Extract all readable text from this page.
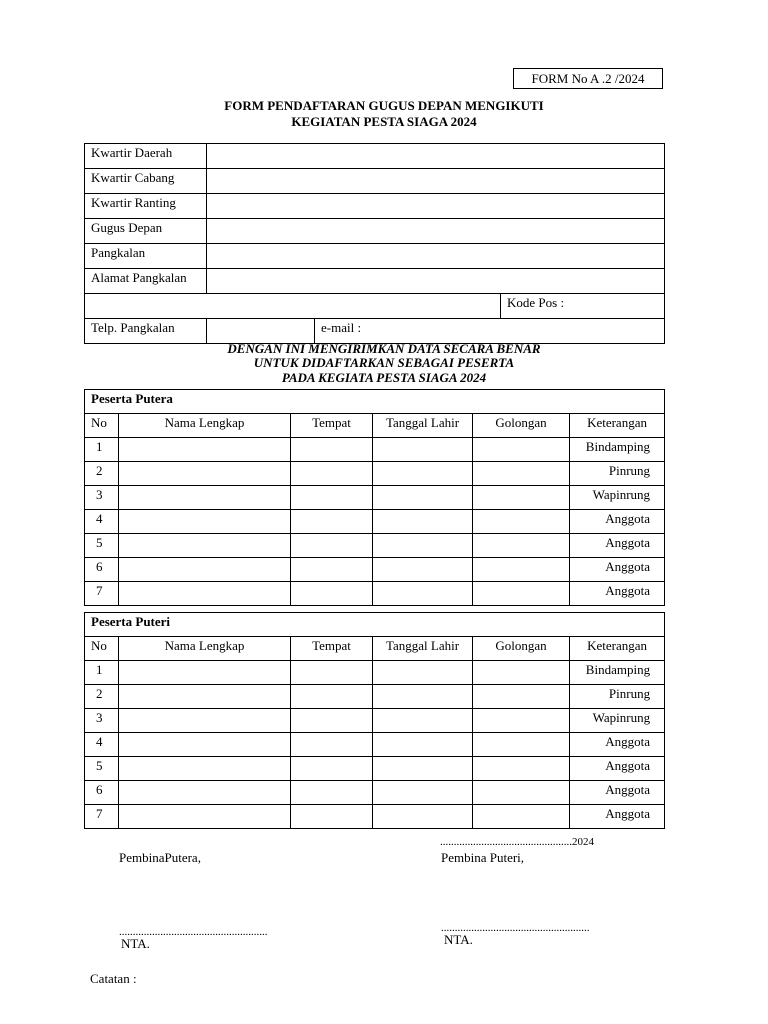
FORM No A .2 /2024
FORM PENDAFTARAN GUGUS DEPAN MENGIKUTI
KEGIATAN PESTA SIAGA 2024
Kwartir Daerah			
Kwartir Cabang			
Kwartir Ranting			
Gugus Depan			
Pangkalan			
Alamat Pangkalan			
			Kode Pos :
Telp. Pangkalan		e-mail :	
DENGAN INI MENGIRIMKAN DATA SECARA BENAR
UNTUK DIDAFTARKAN SEBAGAI PESERTA
PADA KEGIATA PESTA SIAGA 2024
Peserta Putera					
No	Nama Lengkap	Tempat	Tanggal Lahir	Golongan	Keterangan
1					Bindamping
2					Pinrung
3					Wapinrung
4					Anggota
5					Anggota
6					Anggota
7					Anggota
Peserta Puteri					
No	Nama Lengkap	Tempat	Tanggal Lahir	Golongan	Keterangan
1					Bindamping
2					Pinrung
3					Wapinrung
4					Anggota
5					Anggota
6					Anggota
7					Anggota
................................................2024
PembinaPutera,	Pembina Puteri,
......................................................	......................................................
NTA.	NTA.
Catatan :
